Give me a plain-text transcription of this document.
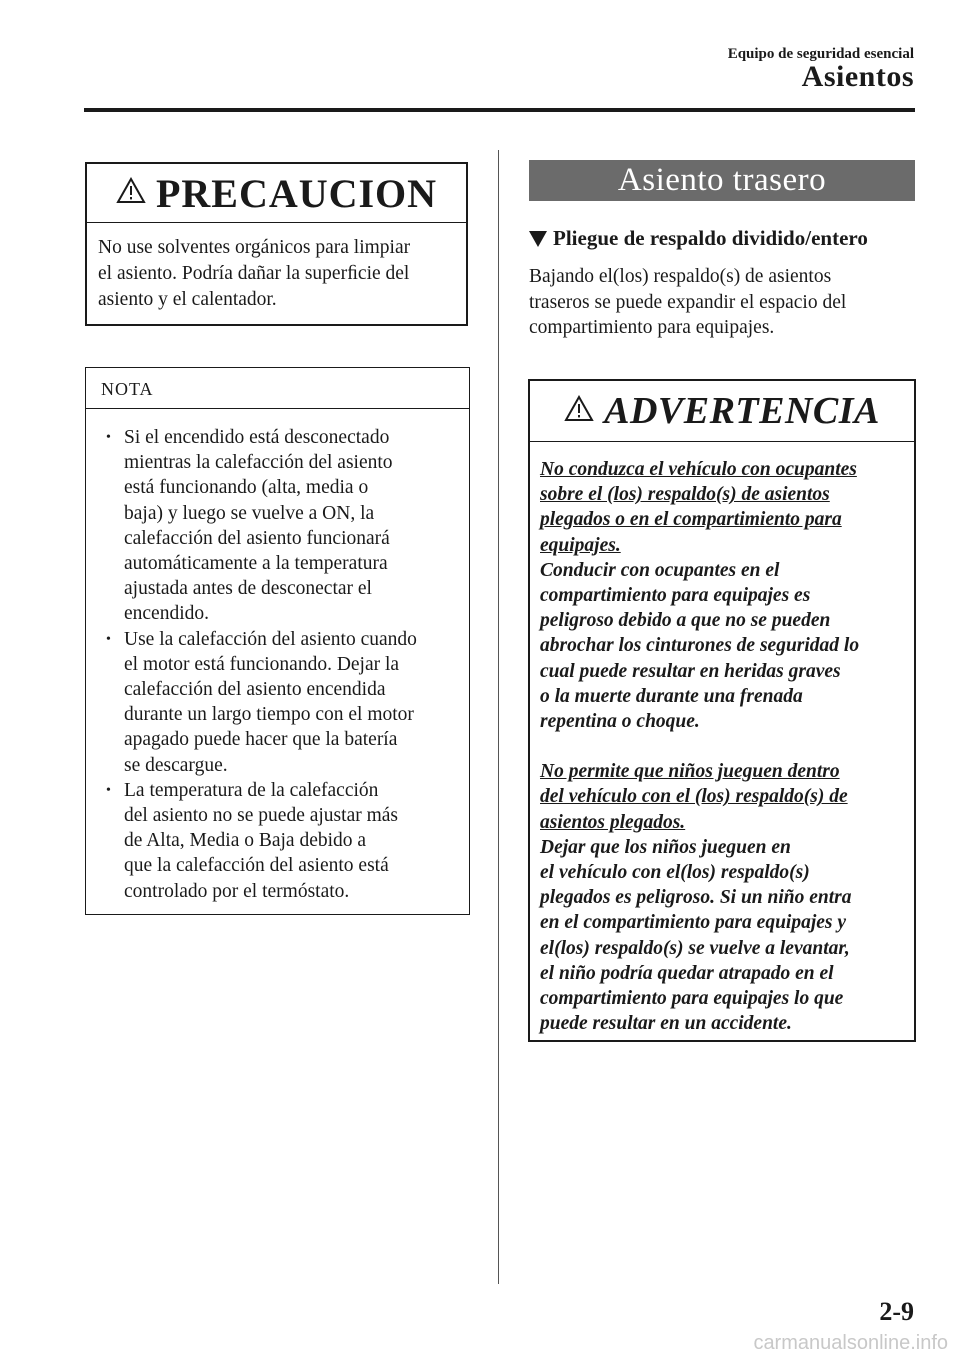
Equipo de seguridad esencial
Asientos
PRECAUCION
No use solventes orgánicos para limpiar
el asiento. Podría dañar la superﬁcie del
asiento y el calentador.
NOTA
• Si el encendido está desconectado
mientras la calefacción del asiento
está funcionando (alta, media o
baja) y luego se vuelve a ON, la
calefacción del asiento funcionará
automáticamente a la temperatura
ajustada antes de desconectar el
encendido.
• Use la calefacción del asiento cuando
el motor está funcionando. Dejar la
calefacción del asiento encendida
durante un largo tiempo con el motor
apagado puede hacer que la batería
se descargue.
• La temperatura de la calefacción
del asiento no se puede ajustar más
de Alta, Media o Baja debido a
que la calefacción del asiento está
controlado por el termóstato.
Asiento trasero
Pliegue de respaldo dividido/entero
Bajando el(los) respaldo(s) de asientos
traseros se puede expandir el espacio del
compartimiento para equipajes.
ADVERTENCIA
No conduzca el vehículo con ocupantes
sobre el (los) respaldo(s) de asientos
plegados o en el compartimiento para
equipajes.
Conducir con ocupantes en el
compartimiento para equipajes es
peligroso debido a que no se pueden
abrochar los cinturones de seguridad lo
cual puede resultar en heridas graves
o la muerte durante una frenada
repentina o choque.
No permite que niños jueguen dentro
del vehículo con el (los) respaldo(s) de
asientos plegados.
Dejar que los niños jueguen en
el vehículo con el(los) respaldo(s)
plegados es peligroso. Si un niño entra
en el compartimiento para equipajes y
el(los) respaldo(s) se vuelve a levantar,
el niño podría quedar atrapado en el
compartimiento para equipajes lo que
puede resultar en un accidente.
2-9
carmanualsonline.info
